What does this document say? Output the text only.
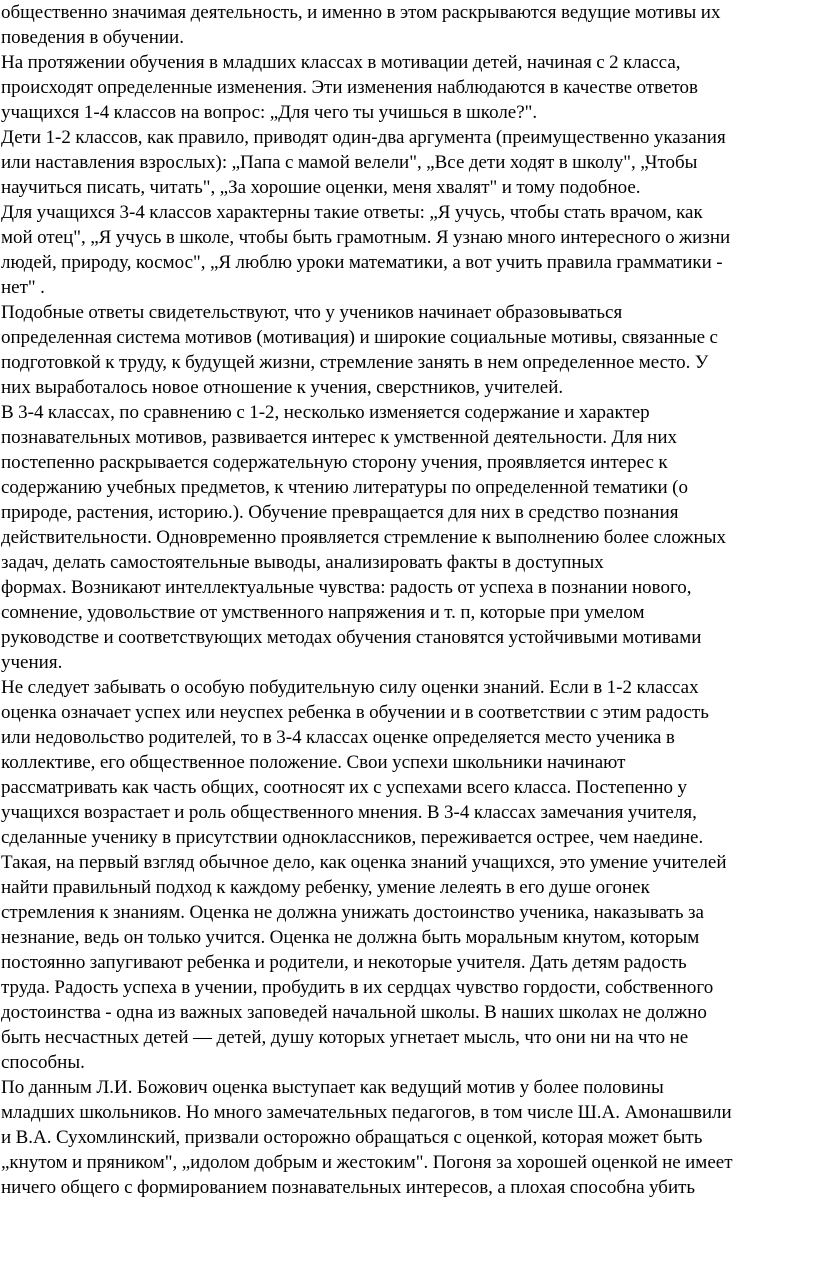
общественно значимая деятельность, и именно в этом раскрываются ведущие мотивы их
поведения в обучении.
На протяжении обучения в младших классах в мотивации детей, начиная с 2 класса,
происходят определенные изменения. Эти изменения наблюдаются в качестве ответов
учащихся 1-4 классов на вопрос: „Для чего ты учишься в школе?".
Дети 1-2 классов, как правило, приводят один-два аргумента (преимущественно указания
или наставления взрослых): „Папа с мамой велели", „Все дети ходят в школу", „Чтобы
научиться писать, читать", „За хорошие оценки, меня хвалят" и тому подобное.
Для учащихся 3-4 классов характерны такие ответы: „Я учусь, чтобы стать врачом, как
мой отец", „Я учусь в школе, чтобы быть грамотным. Я узнаю много интересного о жизни
людей, природу, космос", „Я люблю уроки математики, а вот учить правила грамматики -
нет" .
Подобные ответы свидетельствуют, что у учеников начинает образовываться
определенная система мотивов (мотивация) и широкие социальные мотивы, связанные с
подготовкой к труду, к будущей жизни, стремление занять в нем определенное место. У
них выработалось новое отношение к учения, сверстников, учителей.
В 3-4 классах, по сравнению с 1-2, несколько изменяется содержание и характер
познавательных мотивов, развивается интерес к умственной деятельности. Для них
постепенно раскрывается содержательную сторону учения, проявляется интерес к
содержанию учебных предметов, к чтению литературы по определенной тематики (о
природе, растения, историю.). Обучение превращается для них в средство познания
действительности. Одновременно проявляется стремление к выполнению более сложных
задач, делать самостоятельные выводы, анализировать факты в доступных
формах. Возникают интеллектуальные чувства: радость от успеха в познании нового,
сомнение, удовольствие от умственного напряжения и т. п, которые при умелом
руководстве и соответствующих методах обучения становятся устойчивыми мотивами
учения.
Не следует забывать о особую побудительную силу оценки знаний. Если в 1-2 классах
оценка означает успех или неуспех ребенка в обучении и в соответствии с этим радость
или недовольство родителей, то в 3-4 классах оценке определяется место ученика в
коллективе, его общественное положение. Свои успехи школьники начинают
рассматривать как часть общих, соотносят их с успехами всего класса. Постепенно у
учащихся возрастает и роль общественного мнения. В 3-4 классах замечания учителя,
сделанные ученику в присутствии одноклассников, переживается острее, чем наедине.
Такая, на первый взгляд обычное дело, как оценка знаний учащихся, это умение учителей
найти правильный подход к каждому ребенку, умение лелеять в его душе огонек
стремления к знаниям. Оценка не должна унижать достоинство ученика, наказывать за
незнание, ведь он только учится. Оценка не должна быть моральным кнутом, которым
постоянно запугивают ребенка и родители, и некоторые учителя. Дать детям радость
труда. Радость успеха в учении, пробудить в их сердцах чувство гордости, собственного
достоинства - одна из важных заповедей начальной школы. В наших школах не должно
быть несчастных детей — детей, душу которых угнетает мысль, что они ни на что не
способны.
По данным Л.И. Божович оценка выступает как ведущий мотив у более половины
младших школьников. Но много замечательных педагогов, в том числе Ш.А. Амонашвили
и В.А. Сухомлинский, призвали осторожно обращаться с оценкой, которая может быть
„кнутом и пряником", „идолом добрым и жестоким". Погоня за хорошей оценкой не имеет
ничего общего с формированием познавательных интересов, а плохая способна убить
